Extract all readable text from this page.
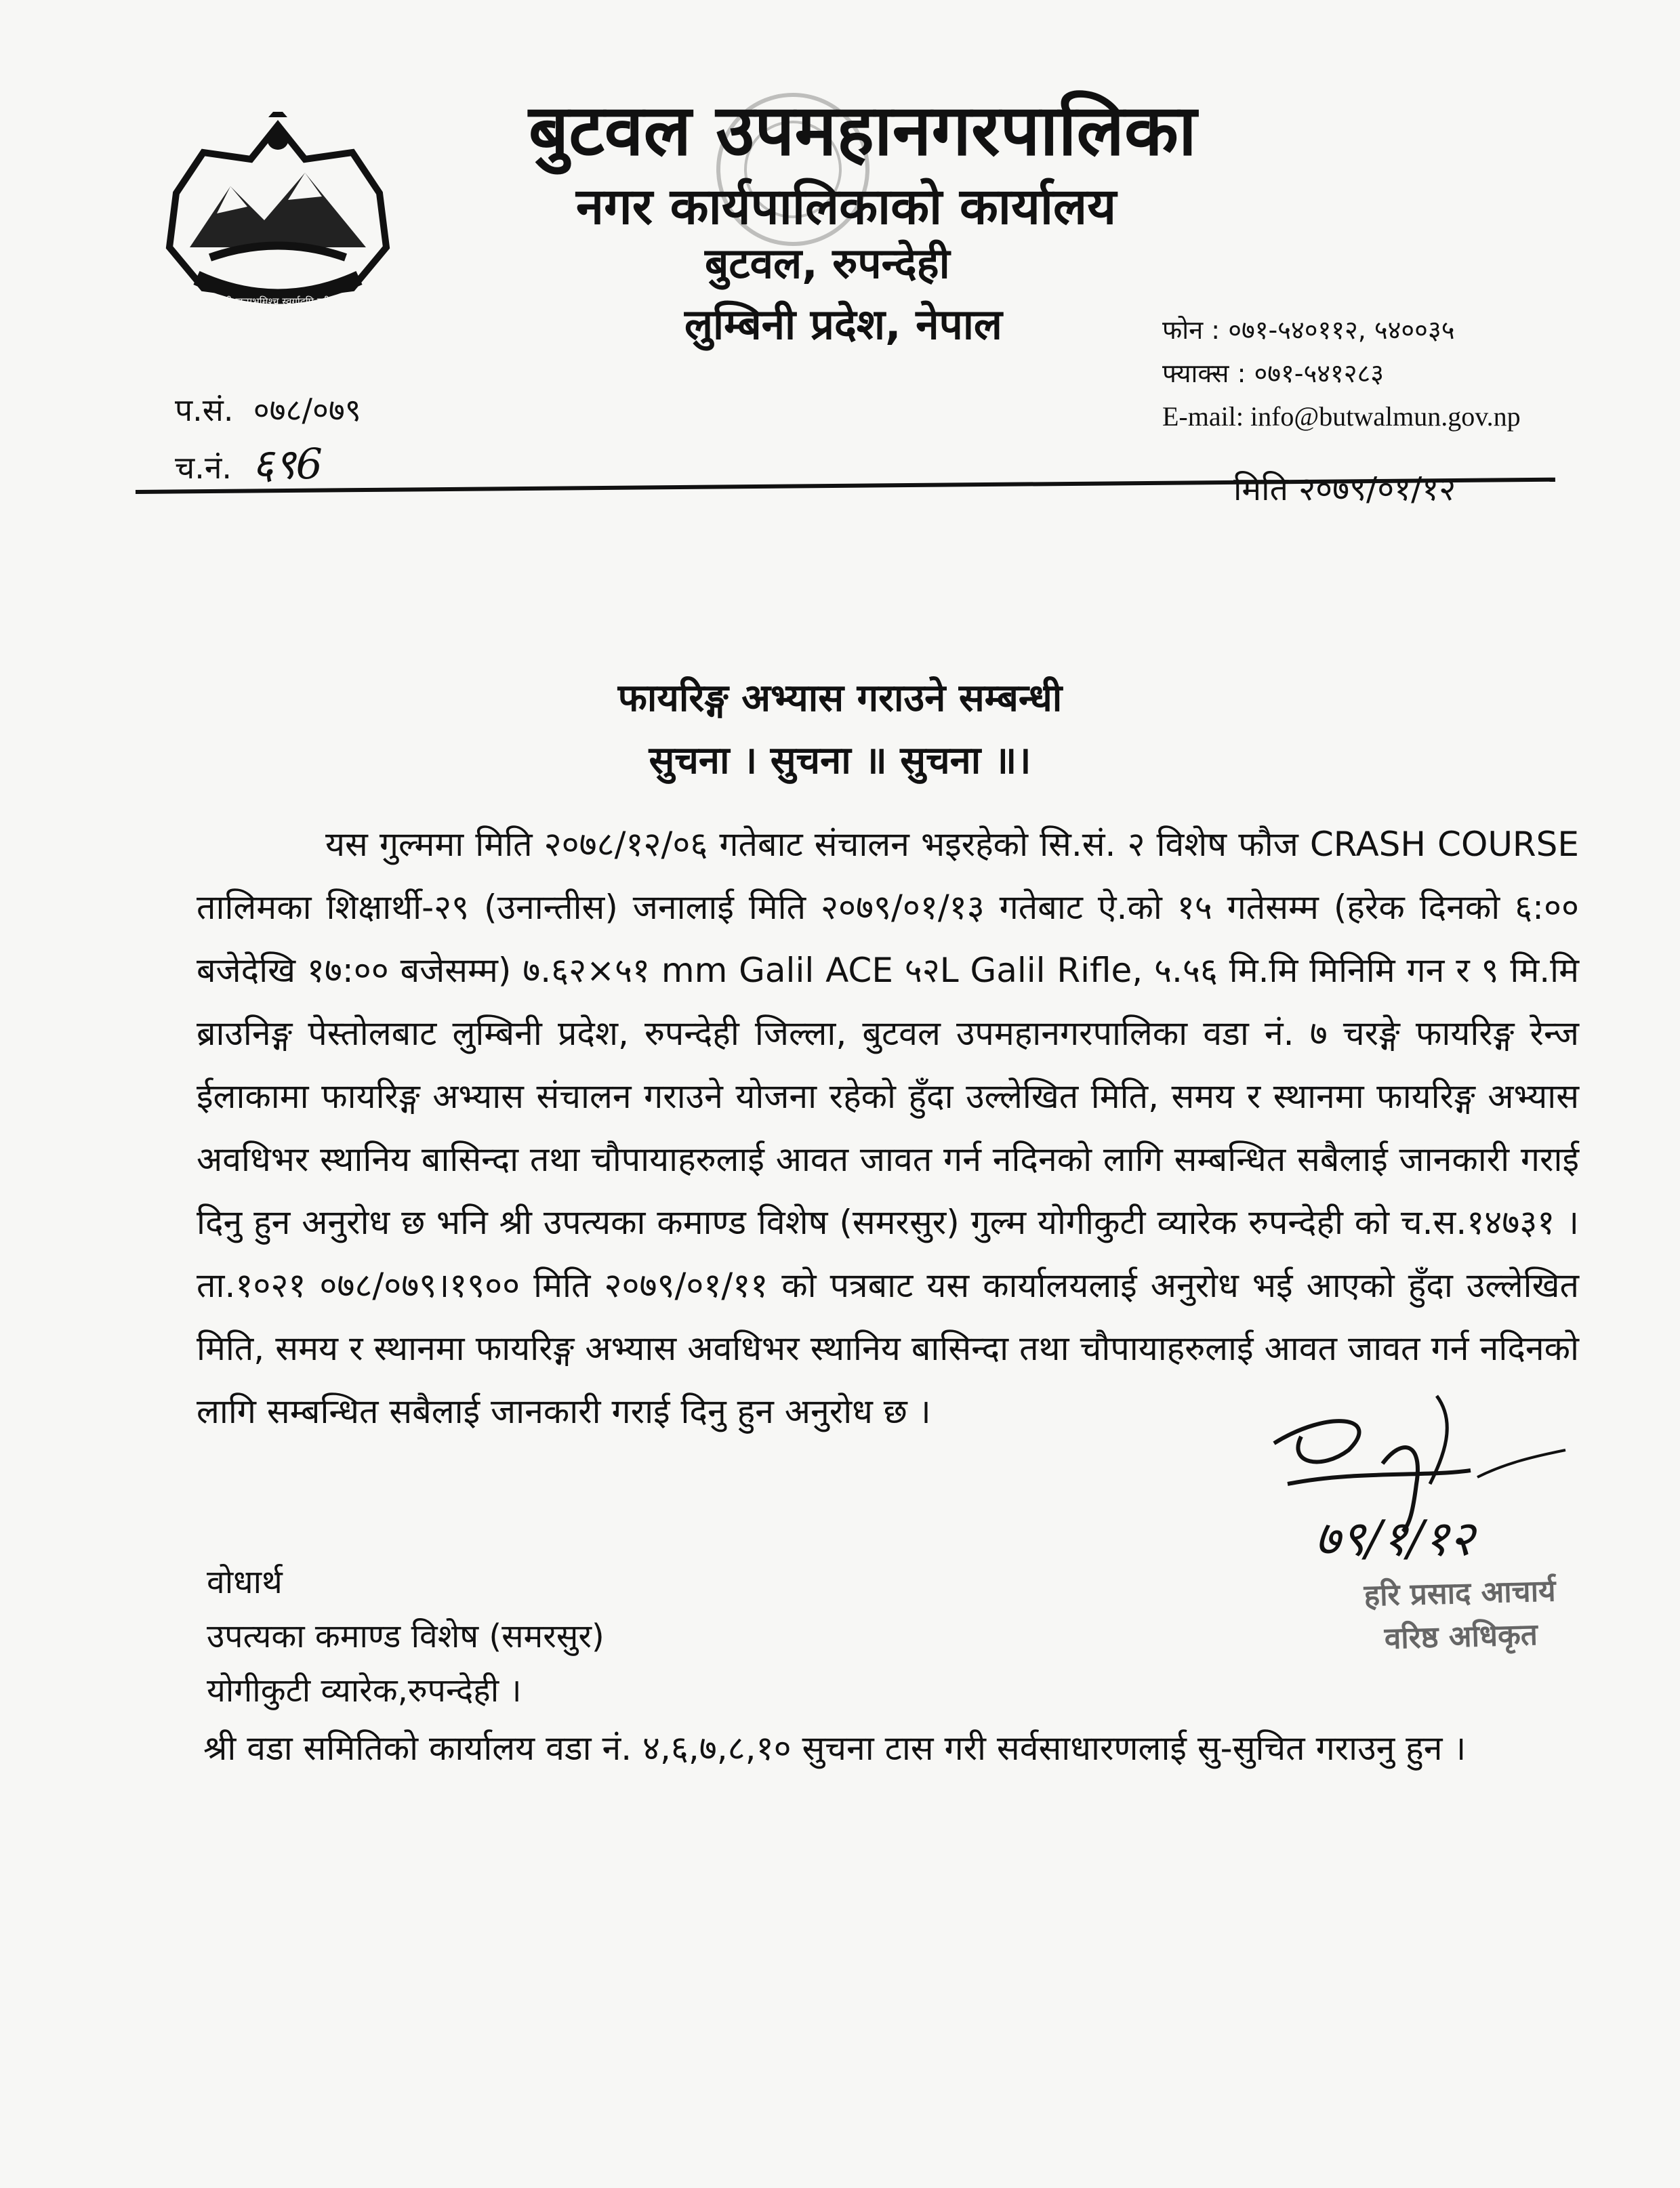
जननी जन्मभूमिश्च स्वर्गादपि गरीयसी
बुटवल उपमहानगरपालिका
नगर कार्यपालिकाको कार्यालय
बुटवल, रुपन्देही
लुम्बिनी प्रदेश, नेपाल	फोन : ०७१-५४०११२, ५४००३५
फ्याक्स : ०७१-५४१२८३
E-mail: info@butwalmun.gov.np
प.सं. ०७८/०७९
च.नं. ६९6
मिति २०७९/०१/१२
फायरिङ्ग अभ्यास गराउने सम्बन्धी
सुचना । सुचना ॥ सुचना ॥।

यस गुल्ममा मिति २०७८/१२/०६ गतेबाट संचालन भइरहेको सि.सं. २ विशेष फौज CRASH COURSE तालिमका शिक्षार्थी-२९ (उनान्तीस) जनालाई मिति २०७९/०१/१३ गतेबाट ऐ.को १५ गतेसम्म (हरेक दिनको ६:०० बजेदेखि १७:०० बजेसम्म) ७.६२×५१ mm Galil ACE ५२L Galil Rifle, ५.५६ मि.मि मिनिमि गन र ९ मि.मि ब्राउनिङ्ग पेस्तोलबाट लुम्बिनी प्रदेश, रुपन्देही जिल्ला, बुटवल उपमहानगरपालिका वडा नं. ७ चरङ्गे फायरिङ्ग रेन्ज ईलाकामा फायरिङ्ग अभ्यास संचालन गराउने योजना रहेको हुँदा उल्लेखित मिति, समय र स्थानमा फायरिङ्ग अभ्यास अवधिभर स्थानिय बासिन्दा तथा चौपायाहरुलाई आवत जावत गर्न नदिनको लागि सम्बन्धित सबैलाई जानकारी गराई दिनु हुन अनुरोध छ भनि श्री उपत्यका कमाण्ड विशेष (समरसुर) गुल्म योगीकुटी व्यारेक रुपन्देही को च.स.१४७३१ । ता.१०२१ ०७८/०७९।१९०० मिति २०७९/०१/११ को पत्रबाट यस कार्यालयलाई अनुरोध भई आएको हुँदा उल्लेखित मिति, समय र स्थानमा फायरिङ्ग अभ्यास अवधिभर स्थानिय बासिन्दा तथा चौपायाहरुलाई आवत जावत गर्न नदिनको लागि सम्बन्धित सबैलाई जानकारी गराई दिनु हुन अनुरोध छ ।

७९/१/१२
हरि प्रसाद आचार्य
वरिष्ठ अधिकृत
वोधार्थ
उपत्यका कमाण्ड विशेष (समरसुर)
योगीकुटी व्यारेक,रुपन्देही ।

श्री वडा समितिको कार्यालय वडा नं. ४,६,७,८,१० सुचना टास गरी सर्वसाधारणलाई सु-सुचित गराउनु हुन ।
